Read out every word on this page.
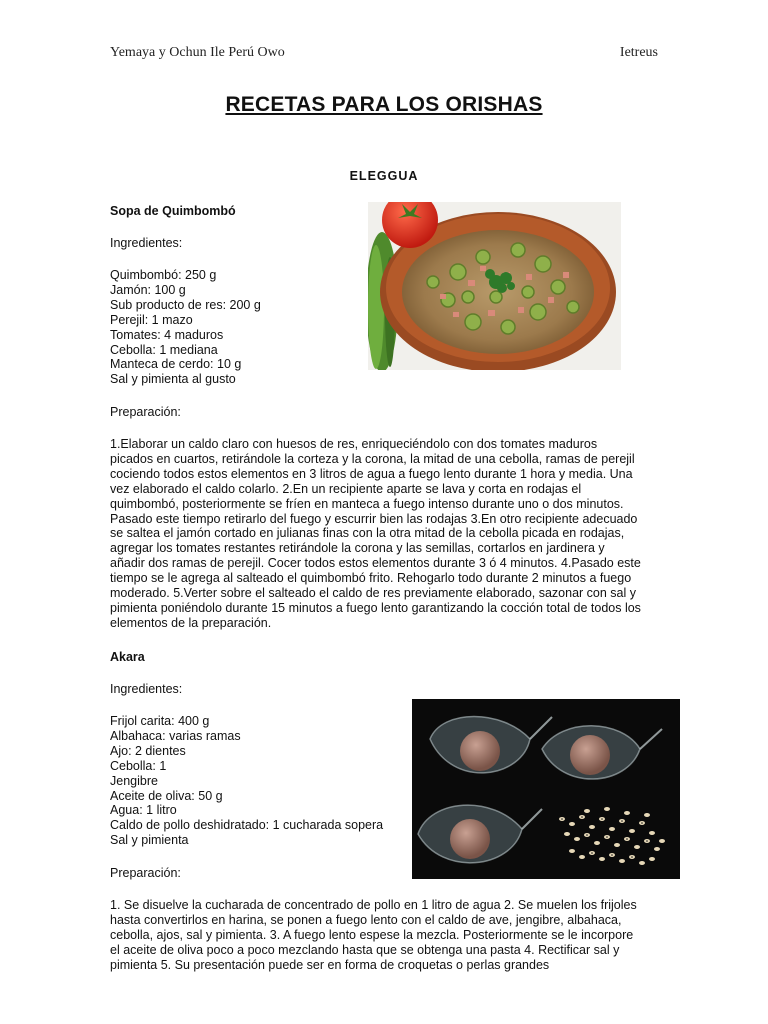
Yemaya y Ochun Ile Perú Owo	Ietreus
RECETAS PARA LOS ORISHAS
ELEGGUA
Sopa de Quimbombó
Ingredientes:
Quimbombó: 250 g
Jamón: 100 g
Sub producto de res: 200 g
Perejil: 1 mazo
Tomates: 4 maduros
Cebolla: 1 mediana
Manteca de cerdo: 10 g
Sal y pimienta al gusto
Preparación:
1.Elaborar un caldo claro con huesos de res, enriqueciéndolo con dos tomates maduros
picados en cuartos, retirándole la corteza y la corona, la mitad de una cebolla, ramas de perejil
cociendo todos estos elementos en 3 litros de agua a fuego lento durante 1 hora y media. Una
vez elaborado el caldo colarlo. 2.En un recipiente aparte se lava y corta en rodajas el
quimbombó, posteriormente se fríen en manteca a fuego intenso durante uno o dos minutos.
Pasado este tiempo retirarlo del fuego y escurrir bien las rodajas 3.En otro recipiente adecuado
se saltea el jamón cortado en julianas finas con la otra mitad de la cebolla picada en rodajas,
agregar los tomates restantes retirándole la corona y las semillas, cortarlos en jardinera y
añadir dos ramas de perejil. Cocer todos estos elementos durante 3 ó 4 minutos. 4.Pasado este
tiempo se le agrega al salteado el quimbombó frito. Rehogarlo todo durante 2 minutos a fuego
moderado. 5.Verter sobre el salteado el caldo de res previamente elaborado, sazonar con sal y
pimienta poniéndolo durante 15 minutos a fuego lento garantizando la cocción total de todos los
elementos de la preparación.
Akara
Ingredientes:
Frijol carita: 400 g
Albahaca: varias ramas
Ajo: 2 dientes
Cebolla: 1
Jengibre
Aceite de oliva: 50 g
Agua: 1 litro
Caldo de pollo deshidratado: 1 cucharada sopera
Sal y pimienta
Preparación:
1. Se disuelve la cucharada de concentrado de pollo en 1 litro de agua 2. Se muelen los frijoles
hasta convertirlos en harina, se ponen a fuego lento con el caldo de ave, jengibre, albahaca,
cebolla, ajos, sal y pimienta. 3. A fuego lento espese la mezcla. Posteriormente se le incorpore
el aceite de oliva poco a poco mezclando hasta que se obtenga una pasta 4. Rectificar sal y
pimienta 5. Su presentación puede ser en forma de croquetas o perlas grandes
